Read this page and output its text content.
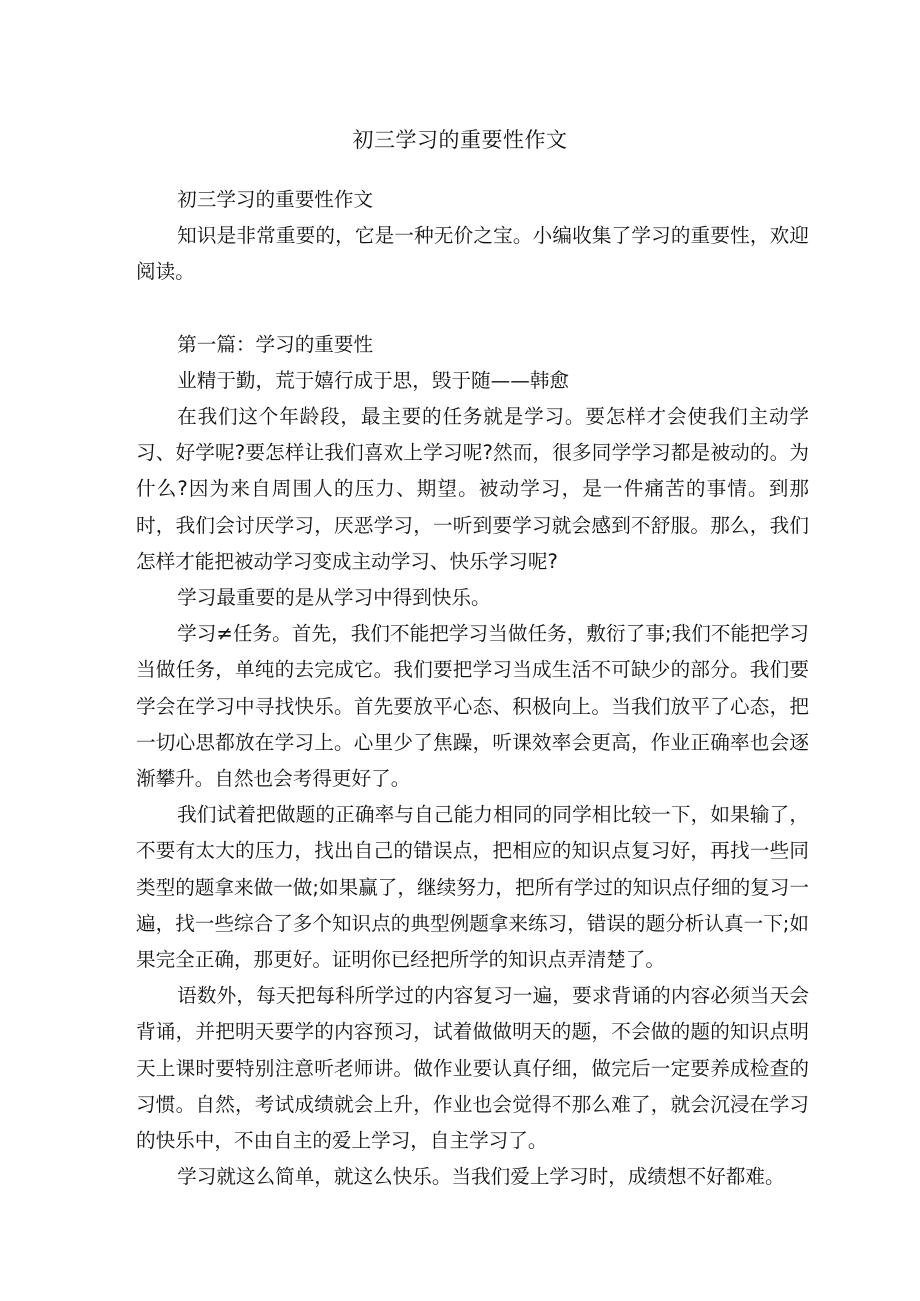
初三学习的重要性作文

初三学习的重要性作文

知识是非常重要的，它是一种无价之宝。小编收集了学习的重要性，欢迎阅读。

第一篇：学习的重要性

业精于勤，荒于嬉行成于思，毁于随——韩愈

在我们这个年龄段，最主要的任务就是学习。要怎样才会使我们主动学习、好学呢?要怎样让我们喜欢上学习呢?然而，很多同学学习都是被动的。为什么?因为来自周围人的压力、期望。被动学习，是一件痛苦的事情。到那时，我们会讨厌学习，厌恶学习，一听到要学习就会感到不舒服。那么，我们怎样才能把被动学习变成主动学习、快乐学习呢?

学习最重要的是从学习中得到快乐。

学习≠任务。首先，我们不能把学习当做任务，敷衍了事;我们不能把学习当做任务，单纯的去完成它。我们要把学习当成生活不可缺少的部分。我们要学会在学习中寻找快乐。首先要放平心态、积极向上。当我们放平了心态，把一切心思都放在学习上。心里少了焦躁，听课效率会更高，作业正确率也会逐渐攀升。自然也会考得更好了。

我们试着把做题的正确率与自己能力相同的同学相比较一下，如果输了，不要有太大的压力，找出自己的错误点，把相应的知识点复习好，再找一些同类型的题拿来做一做;如果赢了，继续努力，把所有学过的知识点仔细的复习一遍，找一些综合了多个知识点的典型例题拿来练习，错误的题分析认真一下;如果完全正确，那更好。证明你已经把所学的知识点弄清楚了。

语数外，每天把每科所学过的内容复习一遍，要求背诵的内容必须当天会背诵，并把明天要学的内容预习，试着做做明天的题，不会做的题的知识点明天上课时要特别注意听老师讲。做作业要认真仔细，做完后一定要养成检查的习惯。自然，考试成绩就会上升，作业也会觉得不那么难了，就会沉浸在学习的快乐中，不由自主的爱上学习，自主学习了。

学习就这么简单，就这么快乐。当我们爱上学习时，成绩想不好都难。
